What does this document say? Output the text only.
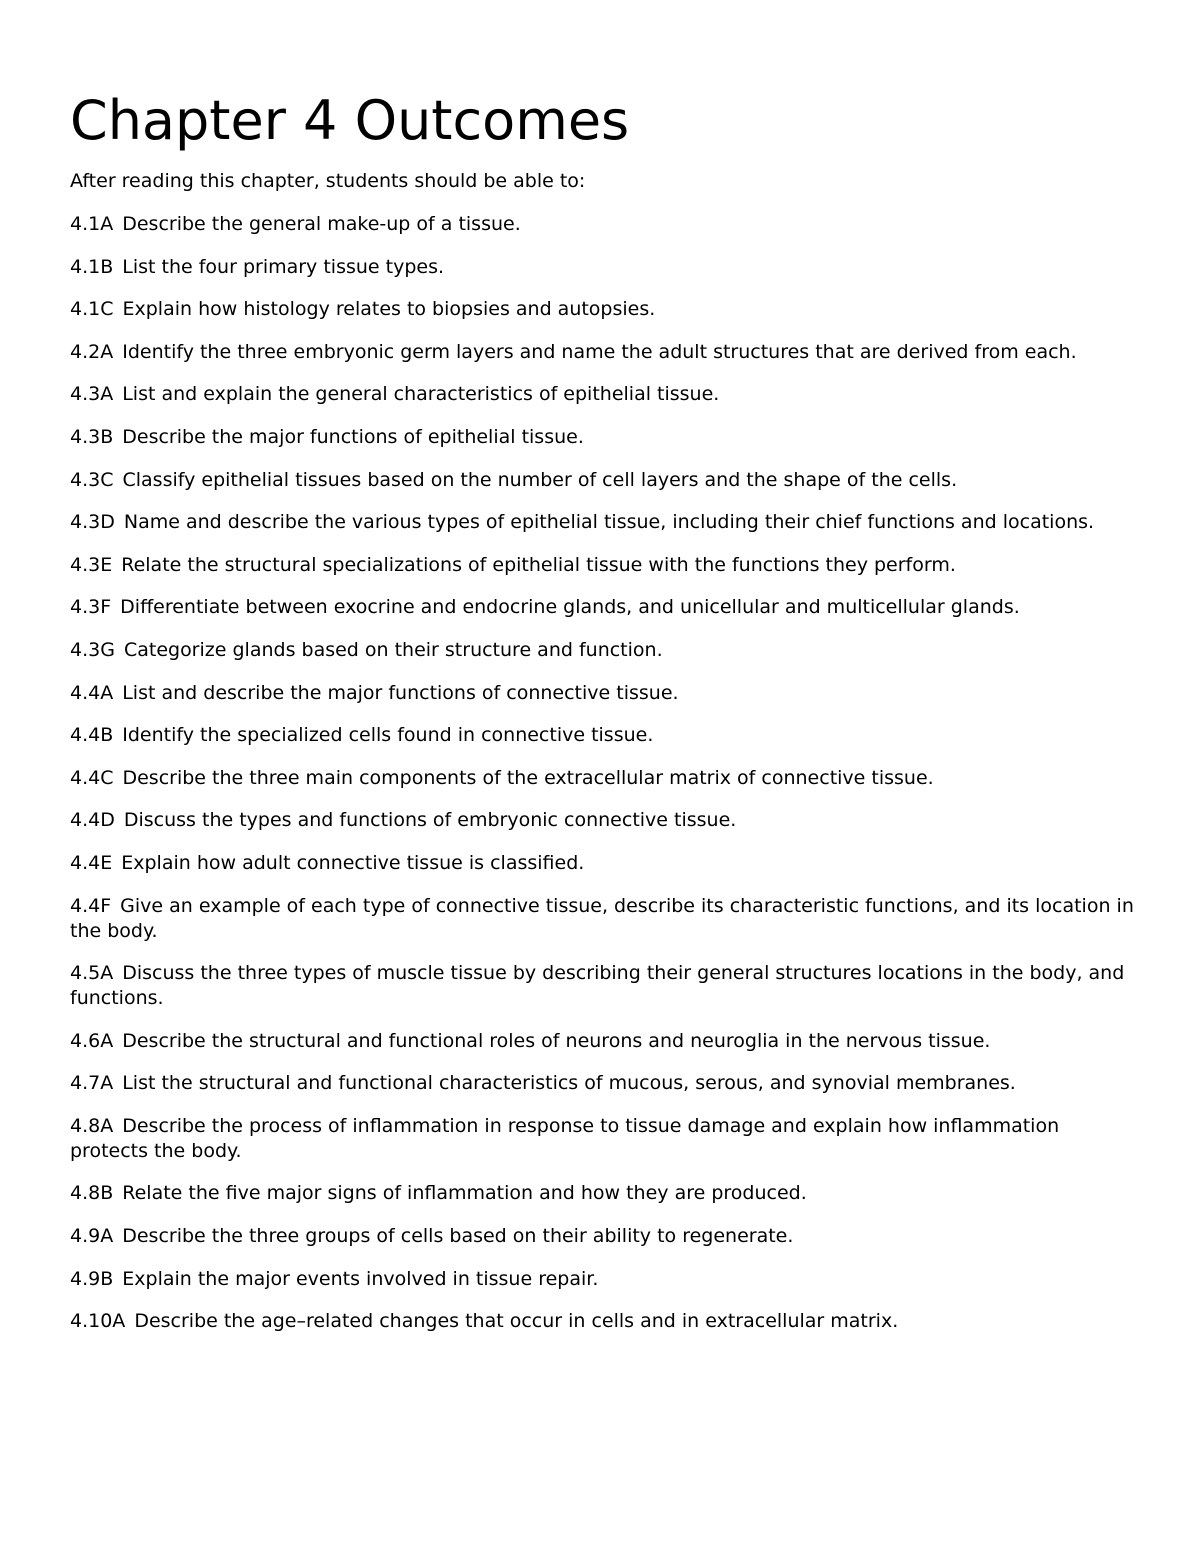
Chapter 4 Outcomes

After reading this chapter, students should be able to:

4.1A Describe the general make-up of a tissue.
4.1B List the four primary tissue types.
4.1C Explain how histology relates to biopsies and autopsies.
4.2A Identify the three embryonic germ layers and name the adult structures that are derived from each.
4.3A List and explain the general characteristics of epithelial tissue.
4.3B Describe the major functions of epithelial tissue.
4.3C Classify epithelial tissues based on the number of cell layers and the shape of the cells.
4.3D Name and describe the various types of epithelial tissue, including their chief functions and locations.
4.3E Relate the structural specializations of epithelial tissue with the functions they perform.
4.3F Differentiate between exocrine and endocrine glands, and unicellular and multicellular glands.
4.3G Categorize glands based on their structure and function.
4.4A List and describe the major functions of connective tissue.
4.4B Identify the specialized cells found in connective tissue.
4.4C Describe the three main components of the extracellular matrix of connective tissue.
4.4D Discuss the types and functions of embryonic connective tissue.
4.4E Explain how adult connective tissue is classified.
4.4F Give an example of each type of connective tissue, describe its characteristic functions, and its location in the body.
4.5A Discuss the three types of muscle tissue by describing their general structures locations in the body, and functions.
4.6A Describe the structural and functional roles of neurons and neuroglia in the nervous tissue.
4.7A List the structural and functional characteristics of mucous, serous, and synovial membranes.
4.8A Describe the process of inflammation in response to tissue damage and explain how inflammation protects the body.
4.8B Relate the five major signs of inflammation and how they are produced.
4.9A Describe the three groups of cells based on their ability to regenerate.
4.9B Explain the major events involved in tissue repair.
4.10A Describe the age–related changes that occur in cells and in extracellular matrix.
